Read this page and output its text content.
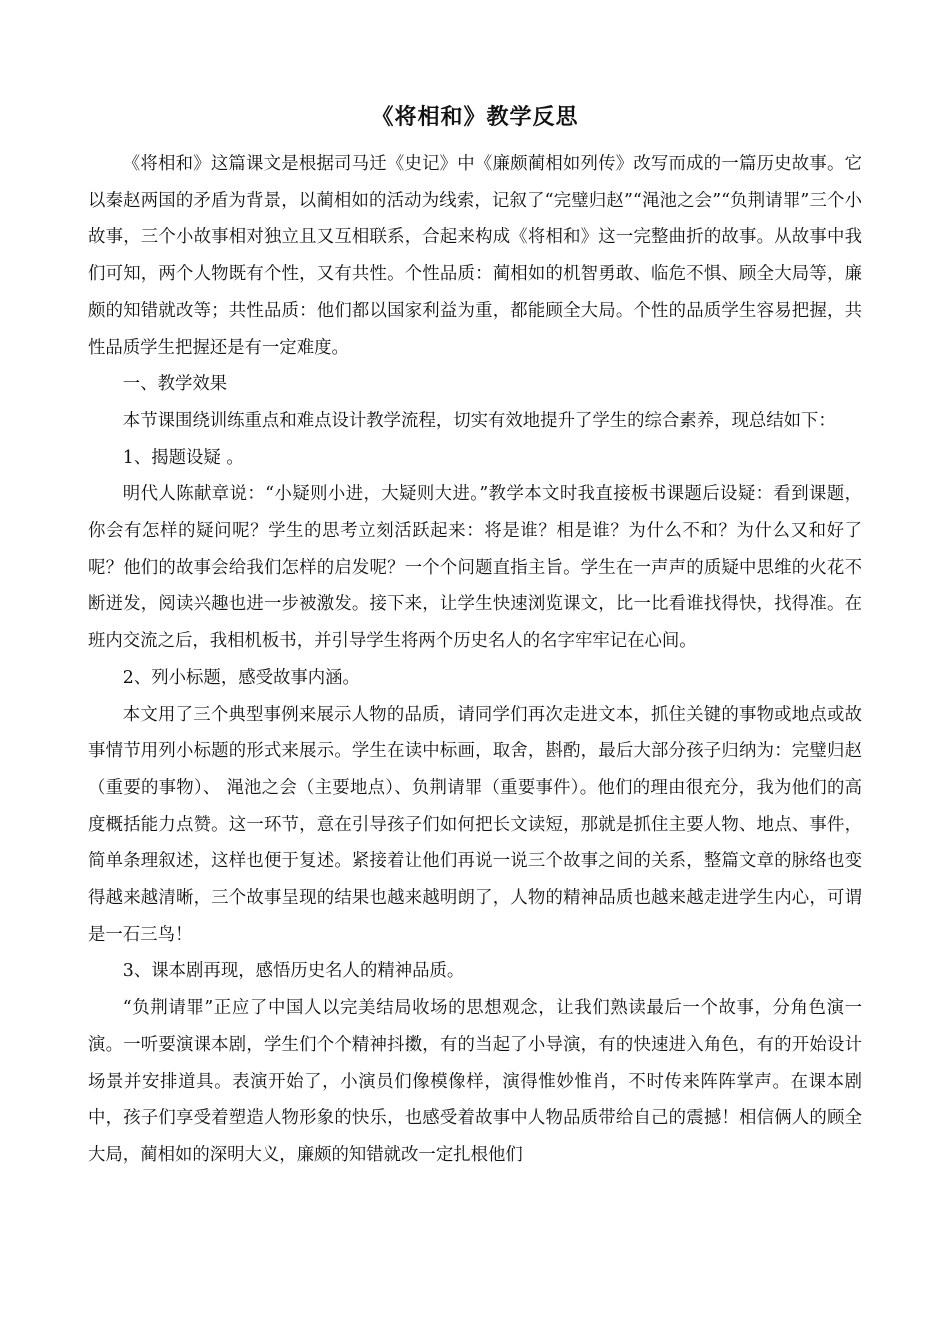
《将相和》教学反思

《将相和》这篇课文是根据司马迁《史记》中《廉颇蔺相如列传》改写而成的一篇历史故事。它以秦赵两国的矛盾为背景，以蔺相如的活动为线索，记叙了“完璧归赵”“渑池之会”“负荆请罪”三个小故事，三个小故事相对独立且又互相联系，合起来构成《将相和》这一完整曲折的故事。从故事中我们可知，两个人物既有个性，又有共性。个性品质：蔺相如的机智勇敢、临危不惧、顾全大局等，廉颇的知错就改等；共性品质：他们都以国家利益为重，都能顾全大局。个性的品质学生容易把握，共性品质学生把握还是有一定难度。

一、教学效果

本节课围绕训练重点和难点设计教学流程，切实有效地提升了学生的综合素养，现总结如下：

1、揭题设疑 。

明代人陈献章说：“小疑则小进，大疑则大进。”教学本文时我直接板书课题后设疑：看到课题，你会有怎样的疑问呢？学生的思考立刻活跃起来：将是谁？相是谁？为什么不和？为什么又和好了呢？他们的故事会给我们怎样的启发呢？一个个问题直指主旨。学生在一声声的质疑中思维的火花不断迸发，阅读兴趣也进一步被激发。接下来，让学生快速浏览课文，比一比看谁找得快，找得准。在班内交流之后，我相机板书，并引导学生将两个历史名人的名字牢牢记在心间。

2、列小标题，感受故事内涵。

本文用了三个典型事例来展示人物的品质，请同学们再次走进文本，抓住关键的事物或地点或故事情节用列小标题的形式来展示。学生在读中标画，取舍，斟酌，最后大部分孩子归纳为：完璧归赵 （重要的事物）、 渑池之会（主要地点）、负荆请罪（重要事件）。他们的理由很充分，我为他们的高度概括能力点赞。这一环节，意在引导孩子们如何把长文读短，那就是抓住主要人物、地点、事件，简单条理叙述，这样也便于复述。紧接着让他们再说一说三个故事之间的关系，整篇文章的脉络也变得越来越清晰，三个故事呈现的结果也越来越明朗了，人物的精神品质也越来越走进学生内心，可谓是一石三鸟！

3、课本剧再现，感悟历史名人的精神品质。

“负荆请罪”正应了中国人以完美结局收场的思想观念，让我们熟读最后一个故事，分角色演一演。一听要演课本剧，学生们个个精神抖擞，有的当起了小导演，有的快速进入角色，有的开始设计场景并安排道具。表演开始了，小演员们像模像样，演得惟妙惟肖，不时传来阵阵掌声。在课本剧中，孩子们享受着塑造人物形象的快乐，也感受着故事中人物品质带给自己的震撼！相信俩人的顾全大局，蔺相如的深明大义，廉颇的知错就改一定扎根他们
